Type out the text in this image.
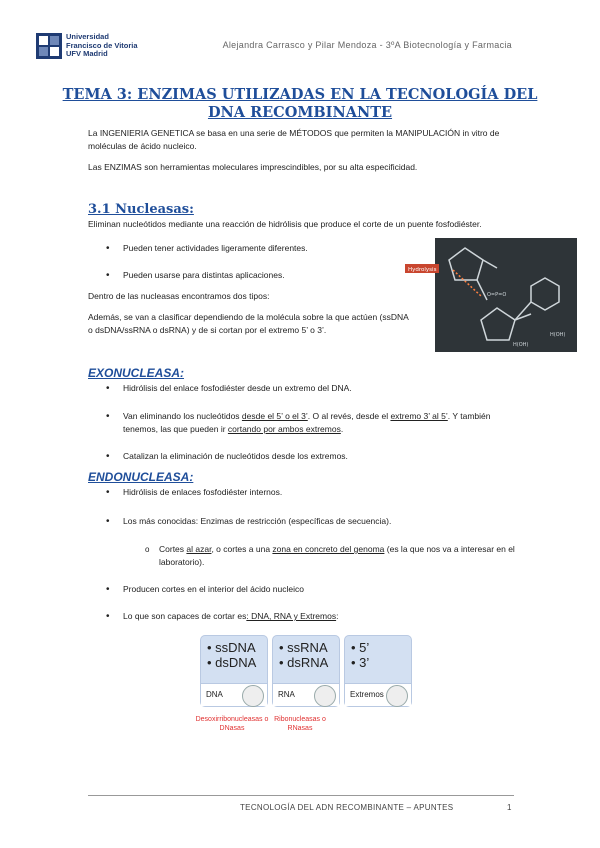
Universidad
Francisco de Vitoria
UFV Madrid
Alejandra Carrasco y Pilar Mendoza - 3ºA Biotecnología y Farmacia
TEMA 3: ENZIMAS UTILIZADAS EN LA TECNOLOGÍA DEL DNA RECOMBINANTE
La INGENIERIA GENETICA se basa en una serie de MÉTODOS que permiten la MANIPULACIÓN in vitro de moléculas de ácido nucleico.
Las ENZIMAS son herramientas moleculares imprescindibles, por su alta especificidad.
3.1 Nucleasas:
Eliminan nucleótidos mediante una reacción de hidrólisis que produce el corte de un puente fosfodiéster.
• Pueden tener actividades ligeramente diferentes.
• Pueden usarse para distintas aplicaciones.
Dentro de las nucleasas encontramos dos tipos:
Además, se van a clasificar dependiendo de la molécula sobre la que actúen (ssDNA o dsDNA/ssRNA o dsRNA) y de si cortan por el extremo 5’ o 3’.
O=P=O
H(OH)
H(OH)
Hydrolysis
EXONUCLEASA:
• Hidrólisis del enlace fosfodiéster desde un extremo del DNA.
• Van eliminando los nucleótidos desde el 5’ o el 3’. O al revés, desde el extremo 3’ al 5’. Y también tenemos, las que pueden ir cortando por ambos extremos.
• Catalizan la eliminación de nucleótidos desde los extremos.
ENDONUCLEASA:
• Hidrólisis de enlaces fosfodiéster internos.
• Los más conocidas: Enzimas de restricción (específicas de secuencia).
o Cortes al azar, o cortes a una zona en concreto del genoma (es la que nos va a interesar en el laboratorio).
• Producen cortes en el interior del ácido nucleico
• Lo que son capaces de cortar es: DNA, RNA y Extremos:
• ssDNA
• dsDNA
DNA
• ssRNA
• dsRNA
RNA
• 5’
• 3’
Extremos
Desoxirribonucleasas o DNasas
Ribonucleasas o RNasas
TECNOLOGÍA DEL ADN RECOMBINANTE – APUNTES	1
